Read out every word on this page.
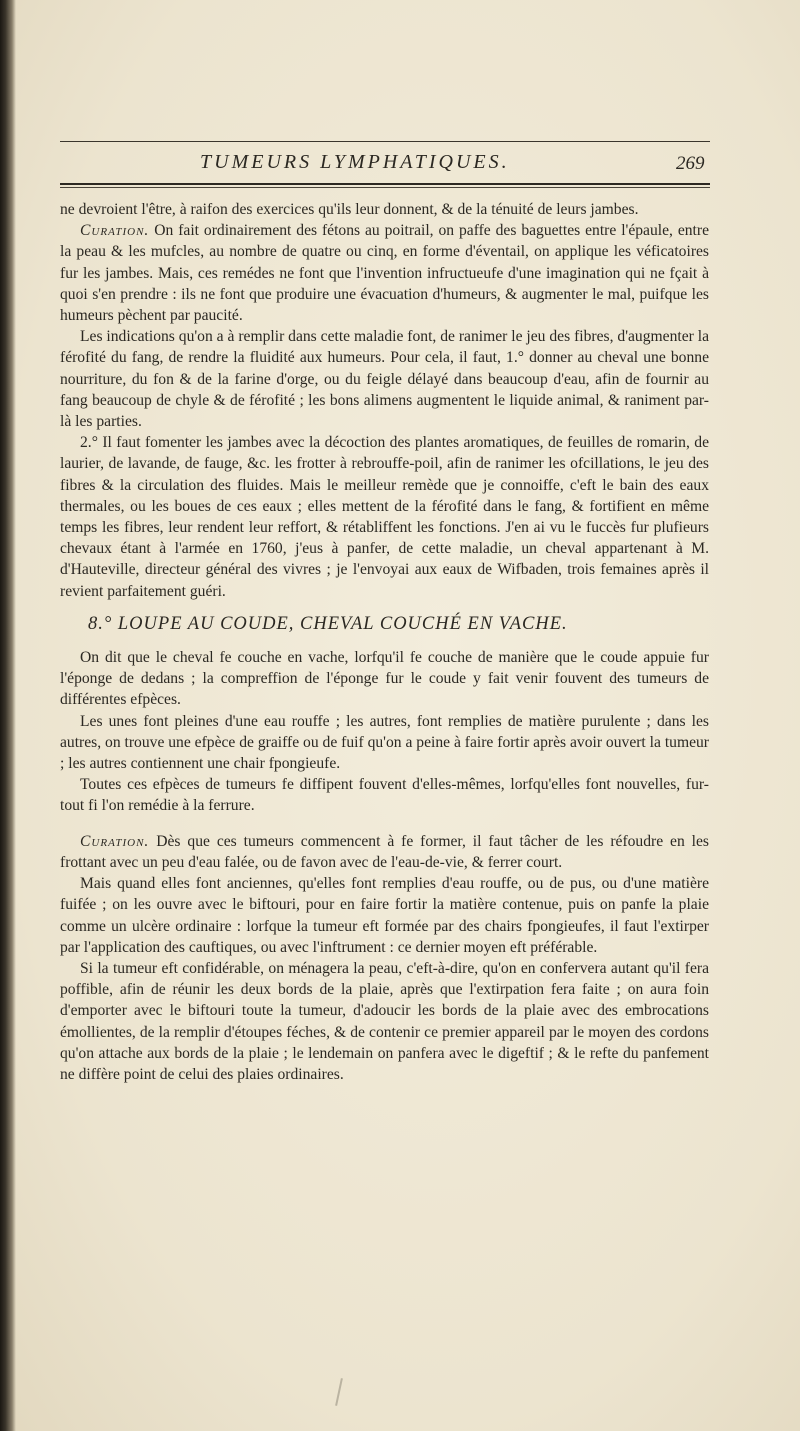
TUMEURS LYMPHATIQUES.	269

ne devroient l'être, à raifon des exercices qu'ils leur donnent, & de la ténuité de leurs jambes.

Curation. On fait ordinairement des fétons au poitrail, on paffe des baguettes entre l'épaule, entre la peau & les mufcles, au nombre de quatre ou cinq, en forme d'éventail, on applique les véficatoires fur les jambes. Mais, ces remédes ne font que l'invention infructueufe d'une imagination qui ne fçait à quoi s'en prendre : ils ne font que produire une évacuation d'humeurs, & augmenter le mal, puifque les humeurs pèchent par paucité.

Les indications qu'on a à remplir dans cette maladie font, de ranimer le jeu des fibres, d'augmenter la férofité du fang, de rendre la fluidité aux humeurs. Pour cela, il faut, 1.° donner au cheval une bonne nourriture, du fon & de la farine d'orge, ou du feigle délayé dans beaucoup d'eau, afin de fournir au fang beaucoup de chyle & de férofité ; les bons alimens augmentent le liquide animal, & raniment par-là les parties.

2.° Il faut fomenter les jambes avec la décoction des plantes aromatiques, de feuilles de romarin, de laurier, de lavande, de fauge, &c. les frotter à rebrouffe-poil, afin de ranimer les ofcillations, le jeu des fibres & la circulation des fluides. Mais le meilleur remède que je connoiffe, c'eft le bain des eaux thermales, ou les boues de ces eaux ; elles mettent de la férofité dans le fang, & fortifient en même temps les fibres, leur rendent leur reffort, & rétabliffent les fonctions. J'en ai vu le fuccès fur plufieurs chevaux étant à l'armée en 1760, j'eus à panfer, de cette maladie, un cheval appartenant à M. d'Hauteville, directeur général des vivres ; je l'envoyai aux eaux de Wifbaden, trois femaines après il revient parfaitement guéri.

8.° LOUPE AU COUDE, CHEVAL COUCHÉ EN VACHE.

On dit que le cheval fe couche en vache, lorfqu'il fe couche de manière que le coude appuie fur l'éponge de dedans ; la compreffion de l'éponge fur le coude y fait venir fouvent des tumeurs de différentes efpèces.

Les unes font pleines d'une eau rouffe ; les autres, font remplies de matière purulente ; dans les autres, on trouve une efpèce de graiffe ou de fuif qu'on a peine à faire fortir après avoir ouvert la tumeur ; les autres contiennent une chair fpongieufe.

Toutes ces efpèces de tumeurs fe diffipent fouvent d'elles-mêmes, lorfqu'elles font nouvelles, fur-tout fi l'on remédie à la ferrure.

Curation. Dès que ces tumeurs commencent à fe former, il faut tâcher de les réfoudre en les frottant avec un peu d'eau falée, ou de favon avec de l'eau-de-vie, & ferrer court.

Mais quand elles font anciennes, qu'elles font remplies d'eau rouffe, ou de pus, ou d'une matière fuifée ; on les ouvre avec le biftouri, pour en faire fortir la matière contenue, puis on panfe la plaie comme un ulcère ordinaire : lorfque la tumeur eft formée par des chairs fpongieufes, il faut l'extirper par l'application des cauftiques, ou avec l'inftrument : ce dernier moyen eft préférable.

Si la tumeur eft confidérable, on ménagera la peau, c'eft-à-dire, qu'on en confervera autant qu'il fera poffible, afin de réunir les deux bords de la plaie, après que l'extirpation fera faite ; on aura foin d'emporter avec le biftouri toute la tumeur, d'adoucir les bords de la plaie avec des embrocations émollientes, de la remplir d'étoupes féches, & de contenir ce premier appareil par le moyen des cordons qu'on attache aux bords de la plaie ; le lendemain on panfera avec le digeftif ; & le refte du panfement ne diffère point de celui des plaies ordinaires.
